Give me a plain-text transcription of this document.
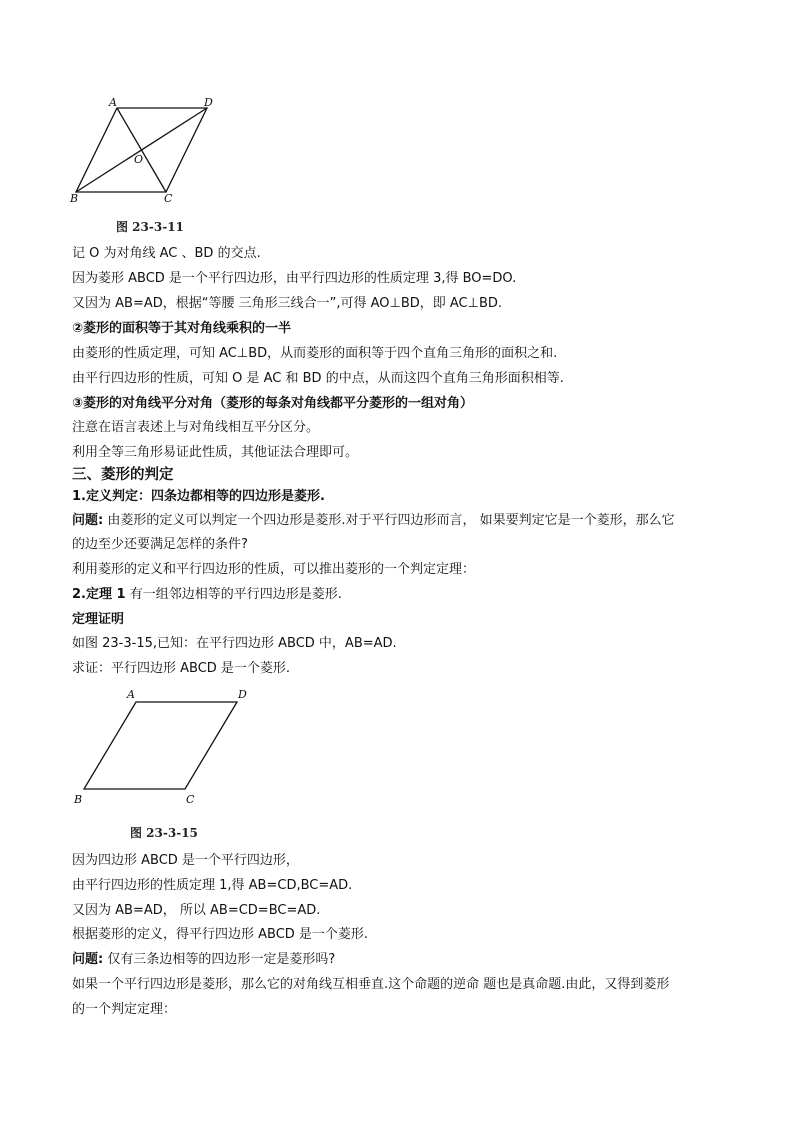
A	D
B	C
O
图 23-3-11
记 O 为对角线 AC 、BD 的交点.
因为菱形 ABCD 是一个平行四边形，由平行四边形的性质定理 3,得 BO=DO.
又因为 AB=AD，根据“等腰 三角形三线合一”,可得 AO⊥BD，即 AC⊥BD.
②菱形的面积等于其对角线乘积的一半
由菱形的性质定理，可知 AC⊥BD，从而菱形的面积等于四个直角三角形的面积之和.
由平行四边形的性质，可知 O 是 AC 和 BD 的中点，从而这四个直角三角形面积相等.
③菱形的对角线平分对角（菱形的每条对角线都平分菱形的一组对角）
注意在语言表述上与对角线相互平分区分。
利用全等三角形易证此性质，其他证法合理即可。
三、菱形的判定
1.定义判定：四条边都相等的四边形是菱形.
问题: 由菱形的定义可以判定一个四边形是菱形.对于平行四边形而言， 如果要判定它是一个菱形，那么它
的边至少还要满足怎样的条件?
利用菱形的定义和平行四边形的性质，可以推出菱形的一个判定定理：
2.定理 1 有一组邻边相等的平行四边形是菱形.
定理证明
如图 23-3-15,已知：在平行四边形 ABCD 中，AB=AD.
求证：平行四边形 ABCD 是一个菱形.
A	D
B	C
图 23-3-15
因为四边形 ABCD 是一个平行四边形，
由平行四边形的性质定理 1,得 AB=CD,BC=AD.
又因为 AB=AD， 所以 AB=CD=BC=AD.
根据菱形的定义，得平行四边形 ABCD 是一个菱形.
问题: 仅有三条边相等的四边形一定是菱形吗?
如果一个平行四边形是菱形，那么它的对角线互相垂直.这个命题的逆命 题也是真命题.由此，又得到菱形
的一个判定定理：
